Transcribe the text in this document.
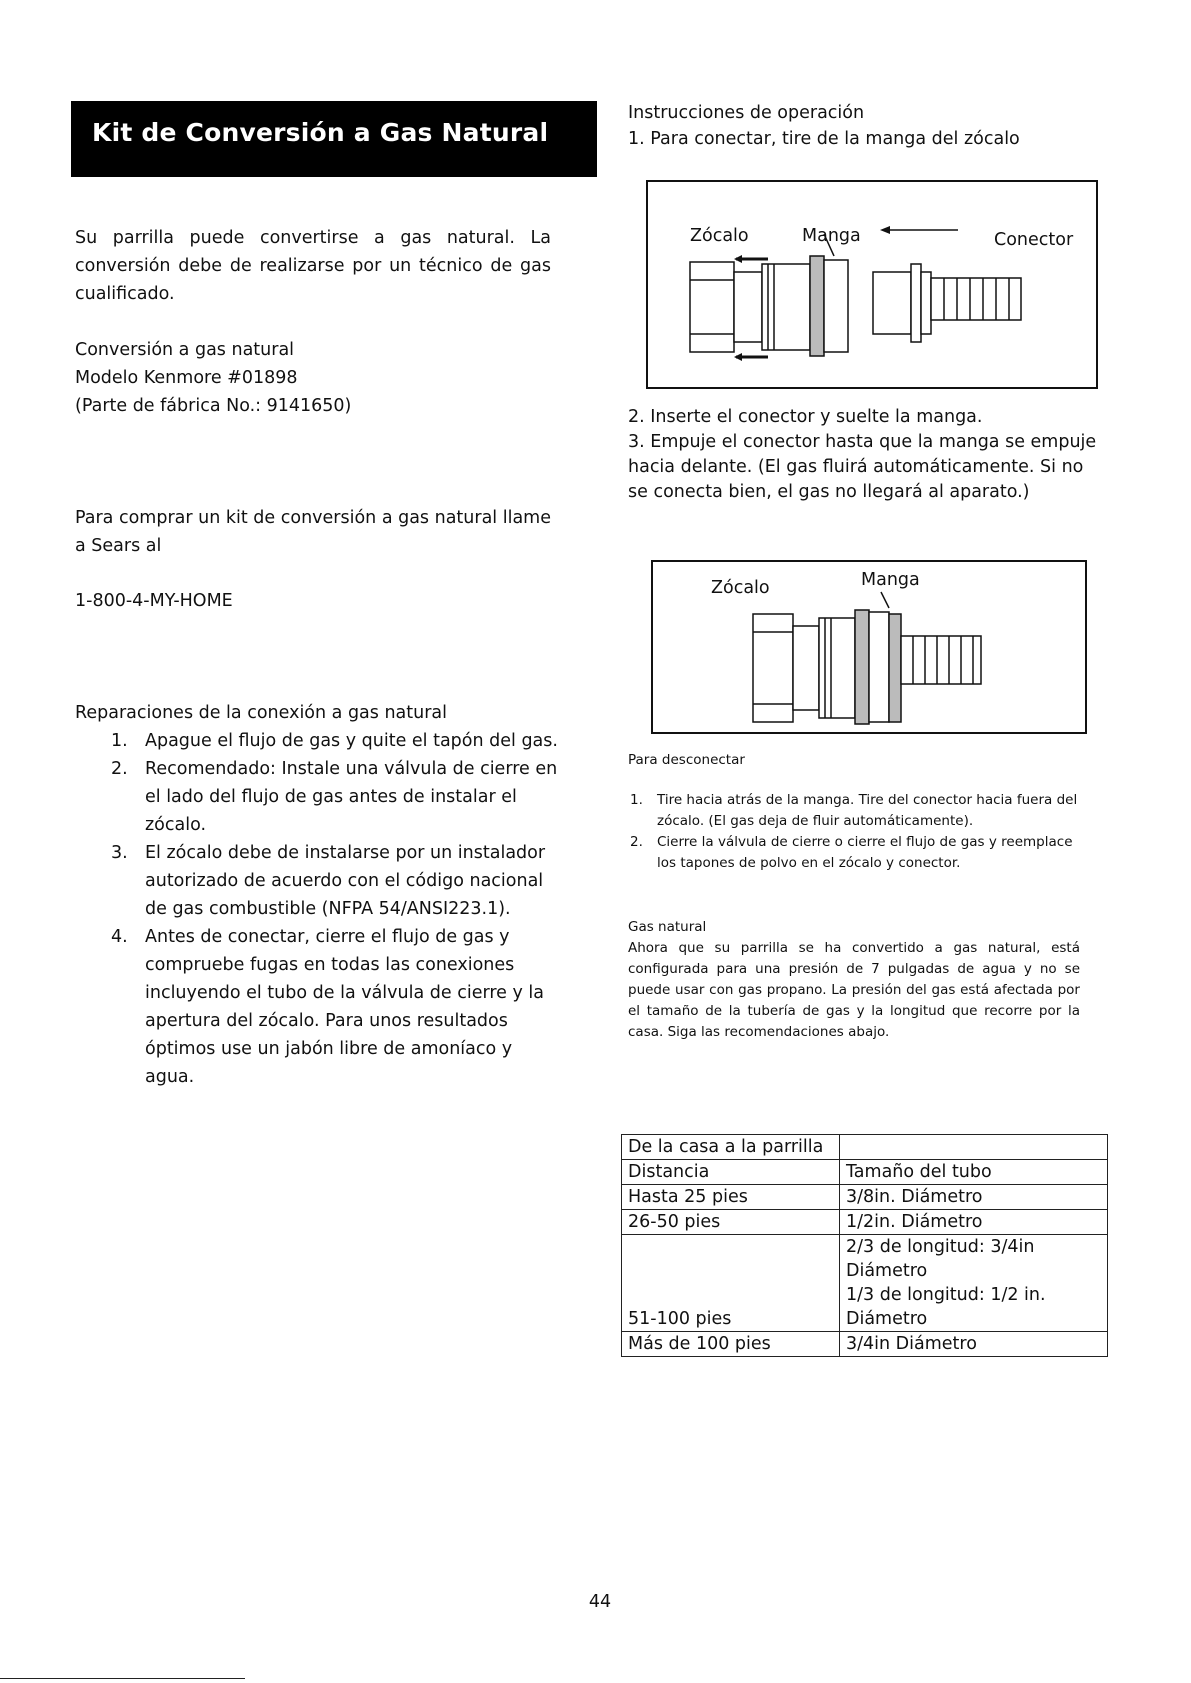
Kit de Conversión a Gas Natural
Su parrilla puede convertirse a gas natural. La conversión debe de realizarse por un técnico de gas cualificado.
Conversión a gas natural
Modelo Kenmore #01898
(Parte de fábrica No.: 9141650)
Para comprar un kit de conversión a gas natural llame a Sears al
1-800-4-MY-HOME
Reparaciones de la conexión a gas natural
1. Apague el flujo de gas y quite el tapón del gas.
2. Recomendado: Instale una válvula de cierre en el lado del flujo de gas antes de instalar el zócalo.
3. El zócalo debe de instalarse por un instalador autorizado de acuerdo con el código nacional de gas combustible (NFPA 54/ANSI223.1).
4. Antes de conectar, cierre el flujo de gas y compruebe fugas en todas las conexiones incluyendo el tubo de la válvula de cierre y la apertura del zócalo. Para unos resultados óptimos use un jabón libre de amoníaco y agua.
Instrucciones de operación
1. Para conectar, tire de la manga del zócalo
Zócalo	Manga	Conector
2. Inserte el conector y suelte la manga.
3. Empuje el conector hasta que la manga se empuje hacia delante. (El gas fluirá automáticamente. Si no se conecta bien, el gas no llegará al aparato.)
Zócalo	Manga
Para desconectar
1. Tire hacia atrás de la manga. Tire del conector hacia fuera del zócalo. (El gas deja de fluir automáticamente).
2. Cierre la válvula de cierre o cierre el flujo de gas y reemplace los tapones de polvo en el zócalo y conector.
Gas natural
Ahora que su parrilla se ha convertido a gas natural, está configurada para una presión de 7 pulgadas de agua y no se puede usar con gas propano. La presión del gas está afectada por el tamaño de la tubería de gas y la longitud que recorre por la casa. Siga las recomendaciones abajo.
De la casa a la parrilla	
Distancia	Tamaño del tubo
Hasta 25 pies	3/8in. Diámetro
26-50 pies	1/2in. Diámetro
51-100 pies	2/3 de longitud: 3/4in
Diámetro
1/3 de longitud: 1/2 in.
Diámetro

Más de 100 pies	3/4in Diámetro
44
